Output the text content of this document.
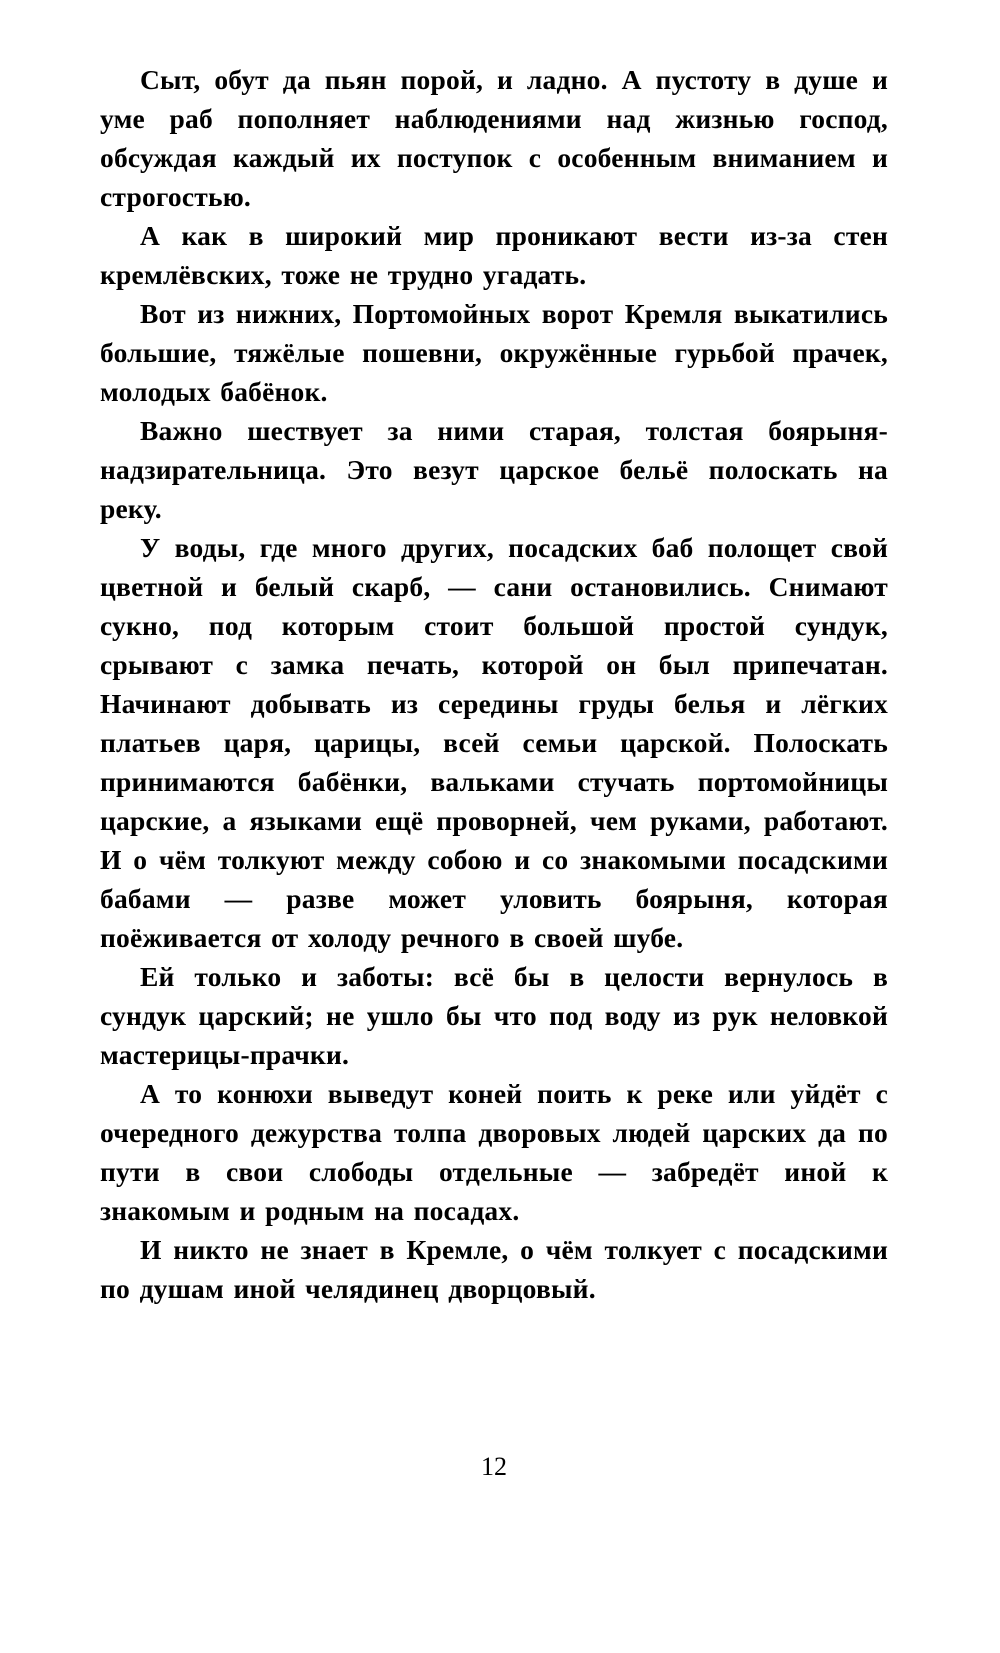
Сыт, обут да пьян порой, и ладно. А пустоту в душе и уме раб пополняет наблюдениями над жизнью господ, обсуждая каждый их поступок с особенным вниманием и строгостью.

А как в широкий мир проникают вести из-за стен кремлёвских, тоже не трудно угадать.

Вот из нижних, Портомойных ворот Кремля выкатились большие, тяжёлые пошевни, окружённые гурьбой прачек, молодых бабёнок.

Важно шествует за ними старая, толстая боярыня-надзирательница. Это везут царское бельё полоскать на реку.

У воды, где много других, посадских баб полощет свой цветной и белый скарб, — сани остановились. Снимают сукно, под которым стоит большой простой сундук, срывают с замка печать, которой он был припечатан. Начинают добывать из середины груды белья и лёгких платьев царя, царицы, всей семьи царской. Полоскать принимаются бабёнки, вальками стучать портомойницы царские, а языками ещё проворней, чем руками, работают. И о чём толкуют между собою и со знакомыми посадскими бабами — разве может уловить боярыня, которая поёживается от холоду речного в своей шубе.

Ей только и заботы: всё бы в целости вернулось в сундук царский; не ушло бы что под воду из рук неловкой мастерицы-прачки.

А то конюхи выведут коней поить к реке или уйдёт с очередного дежурства толпа дворовых людей царских да по пути в свои слободы отдельные — забредёт иной к знакомым и родным на посадах.

И никто не знает в Кремле, о чём толкует с посадскими по душам иной челядинец дворцовый.

12
